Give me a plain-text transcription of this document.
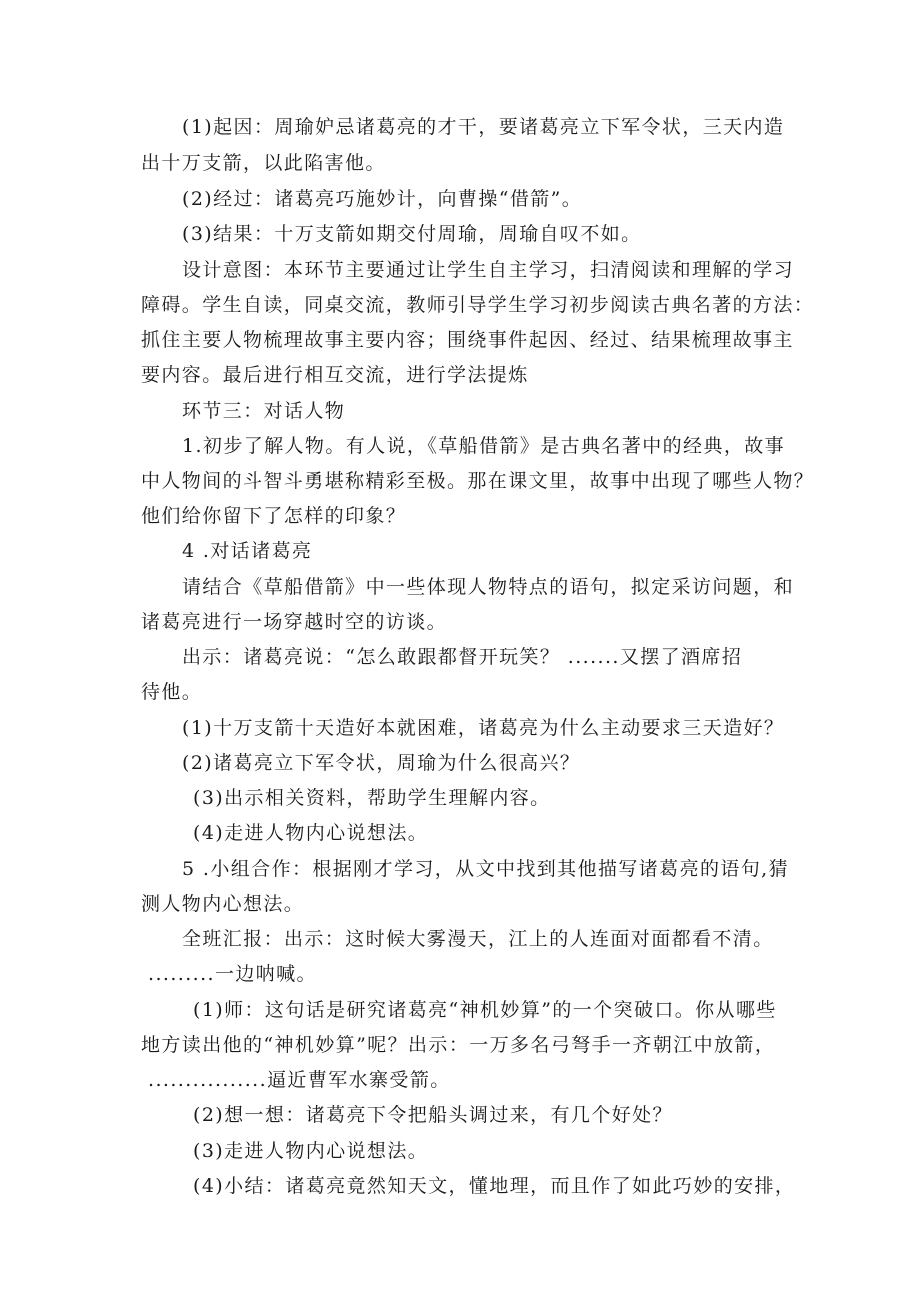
(1)起因：周瑜妒忌诸葛亮的才干，要诸葛亮立下军令状，三天内造
出十万支箭，以此陷害他。
(2)经过：诸葛亮巧施妙计，向曹操“借箭”。
(3)结果：十万支箭如期交付周瑜，周瑜自叹不如。
设计意图：本环节主要通过让学生自主学习，扫清阅读和理解的学习
障碍。学生自读，同桌交流，教师引导学生学习初步阅读古典名著的方法：
抓住主要人物梳理故事主要内容；围绕事件起因、经过、结果梳理故事主
要内容。最后进行相互交流，进行学法提炼
环节三：对话人物
1.初步了解人物。有人说，《草船借箭》是古典名著中的经典，故事
中人物间的斗智斗勇堪称精彩至极。那在课文里，故事中出现了哪些人物？
他们给你留下了怎样的印象？
4 .对话诸葛亮
请结合《草船借箭》中一些体现人物特点的语句，拟定采访问题，和
诸葛亮进行一场穿越时空的访谈。
出示：诸葛亮说：“怎么敢跟都督开玩笑？ .......又摆了酒席招
待他。
(1)十万支箭十天造好本就困难，诸葛亮为什么主动要求三天造好？
(2)诸葛亮立下军令状，周瑜为什么很高兴？
(3)出示相关资料，帮助学生理解内容。
(4)走进人物内心说想法。
5 .小组合作：根据刚才学习，从文中找到其他描写诸葛亮的语句,猜
测人物内心想法。
全班汇报：出示：这时候大雾漫天，江上的人连面对面都看不清。
.........一边呐喊。
(1)师：这句话是研究诸葛亮“神机妙算”的一个突破口。你从哪些
地方读出他的“神机妙算”呢？出示：一万多名弓弩手一齐朝江中放箭，
................逼近曹军水寨受箭。
(2)想一想：诸葛亮下令把船头调过来，有几个好处？
(3)走进人物内心说想法。
(4)小结：诸葛亮竟然知天文，懂地理，而且作了如此巧妙的安排，
